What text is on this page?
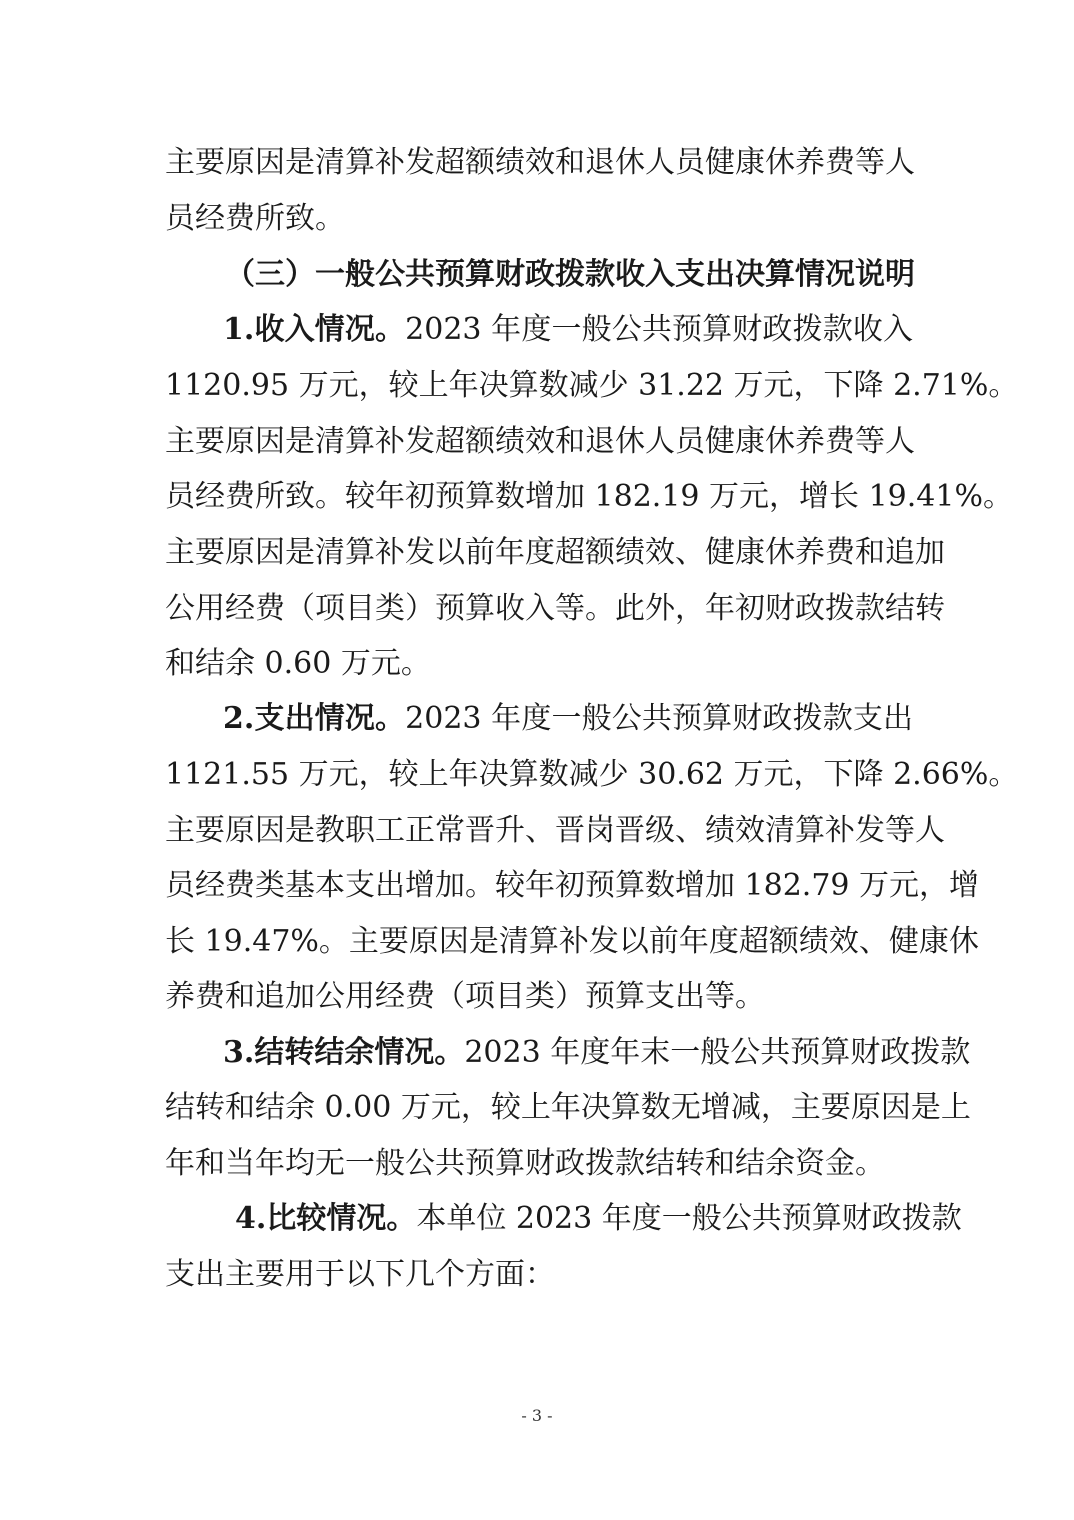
主要原因是清算补发超额绩效和退休人员健康休养费等人
员经费所致。
（三）一般公共预算财政拨款收入支出决算情况说明
1.收入情况。2023 年度一般公共预算财政拨款收入
1120.95 万元，较上年决算数减少 31.22 万元，下降 2.71%。
主要原因是清算补发超额绩效和退休人员健康休养费等人
员经费所致。较年初预算数增加 182.19 万元，增长 19.41%。
主要原因是清算补发以前年度超额绩效、健康休养费和追加
公用经费（项目类）预算收入等。此外，年初财政拨款结转
和结余 0.60 万元。
2.支出情况。2023 年度一般公共预算财政拨款支出
1121.55 万元，较上年决算数减少 30.62 万元，下降 2.66%。
主要原因是教职工正常晋升、晋岗晋级、绩效清算补发等人
员经费类基本支出增加。较年初预算数增加 182.79 万元，增
长 19.47%。主要原因是清算补发以前年度超额绩效、健康休
养费和追加公用经费（项目类）预算支出等。
3.结转结余情况。2023 年度年末一般公共预算财政拨款
结转和结余 0.00 万元，较上年决算数无增减，主要原因是上
年和当年均无一般公共预算财政拨款结转和结余资金。
4.比较情况。本单位 2023 年度一般公共预算财政拨款
支出主要用于以下几个方面：
- 3 -
